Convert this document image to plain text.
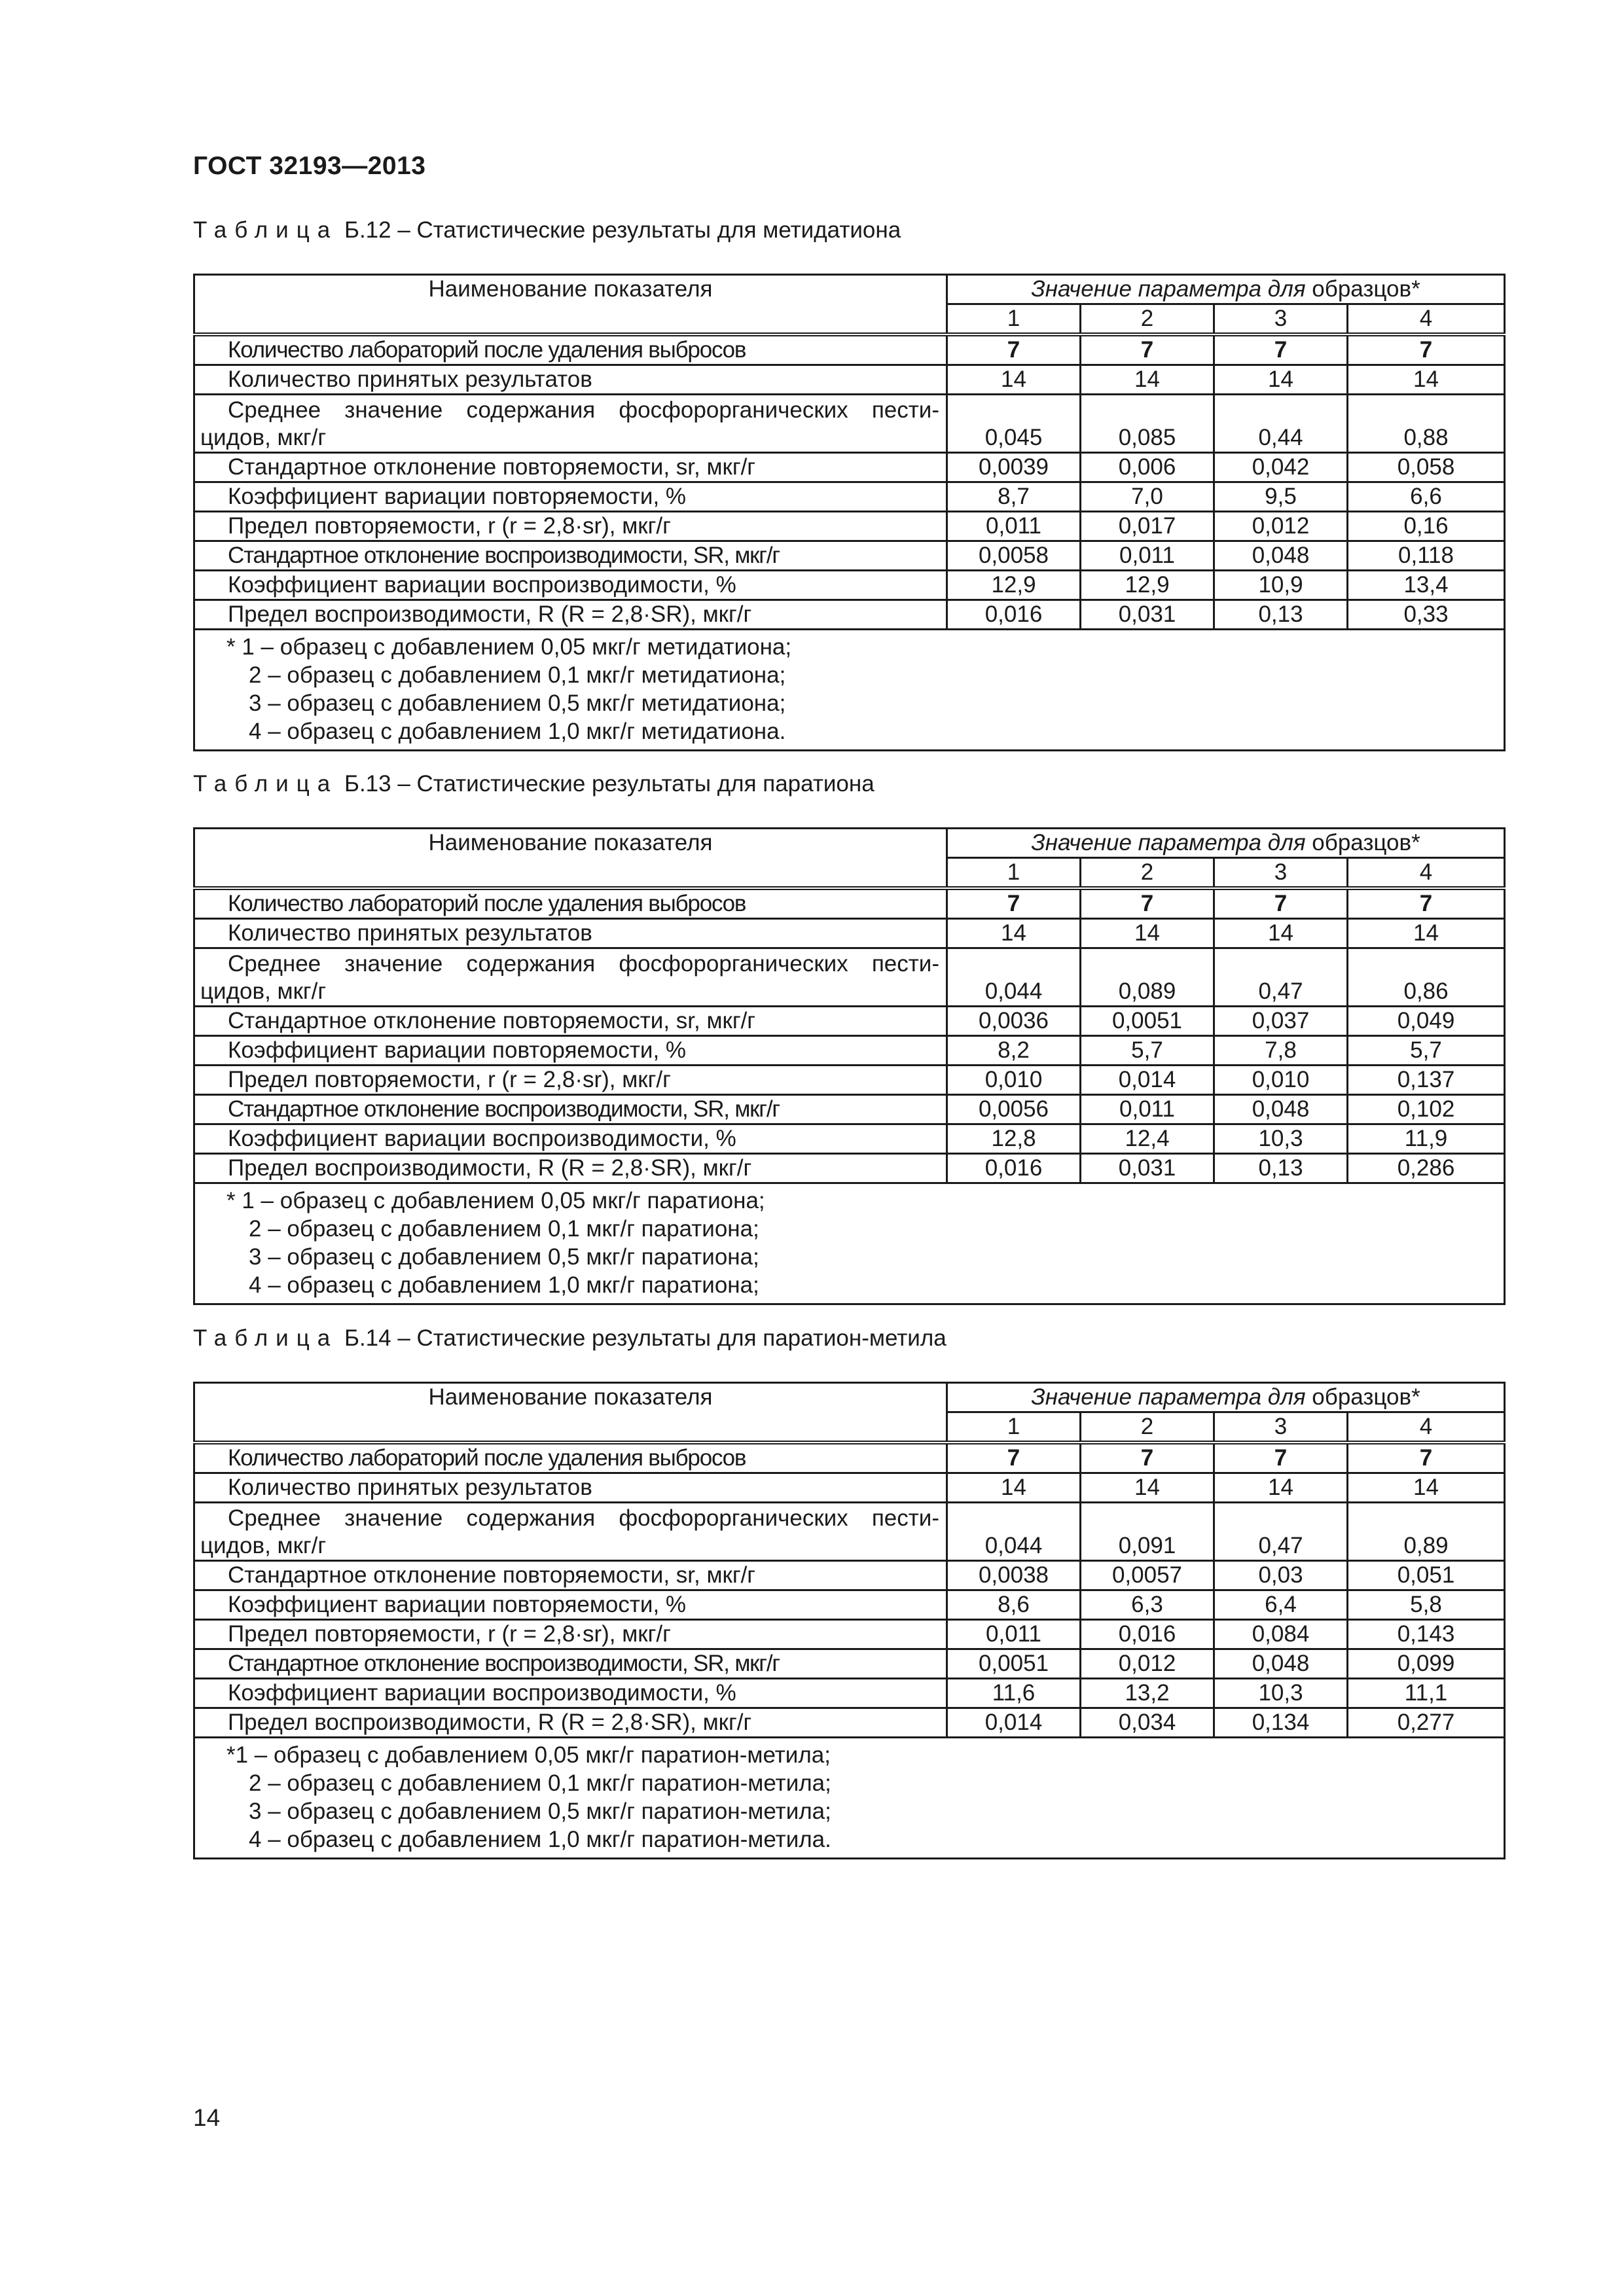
ГОСТ 32193—2013
Таблица Б.12 – Статистические результаты для метидатиона
Наименование показателя	Значение параметра для образцов*			
	1	2	3	4
Количество лабораторий после удаления выбросов	7	7	7	7
Количество принятых результатов	14	14	14	14
Среднее значение содержания фосфорорганических пести-цидов, мкг/г	0,045	0,085	0,44	0,88
Стандартное отклонение повторяемости, sr, мкг/г	0,0039	0,006	0,042	0,058
Коэффициент вариации повторяемости, %	8,7	7,0	9,5	6,6
Предел повторяемости, r (r = 2,8·sr), мкг/г	0,011	0,017	0,012	0,16
Стандартное отклонение воспроизводимости, SR, мкг/г	0,0058	0,011	0,048	0,118
Коэффициент вариации воспроизводимости, %	12,9	12,9	10,9	13,4
Предел воспроизводимости, R (R = 2,8·SR), мкг/г	0,016	0,031	0,13	0,33

* 1 – образец с добавлением 0,05 мкг/г метидатиона;
2 – образец с добавлением 0,1 мкг/г метидатиона;
3 – образец с добавлением 0,5 мкг/г метидатиона;
4 – образец с добавлением 1,0 мкг/г метидатиона.				
Таблица Б.13 – Статистические результаты для паратиона
Наименование показателя	Значение параметра для образцов*			
	1	2	3	4
Количество лабораторий после удаления выбросов	7	7	7	7
Количество принятых результатов	14	14	14	14
Среднее значение содержания фосфорорганических пести-цидов, мкг/г	0,044	0,089	0,47	0,86
Стандартное отклонение повторяемости, sr, мкг/г	0,0036	0,0051	0,037	0,049
Коэффициент вариации повторяемости, %	8,2	5,7	7,8	5,7
Предел повторяемости, r (r = 2,8·sr), мкг/г	0,010	0,014	0,010	0,137
Стандартное отклонение воспроизводимости, SR, мкг/г	0,0056	0,011	0,048	0,102
Коэффициент вариации воспроизводимости, %	12,8	12,4	10,3	11,9
Предел воспроизводимости, R (R = 2,8·SR), мкг/г	0,016	0,031	0,13	0,286

* 1 – образец с добавлением 0,05 мкг/г паратиона;
2 – образец с добавлением 0,1 мкг/г паратиона;
3 – образец с добавлением 0,5 мкг/г паратиона;
4 – образец с добавлением 1,0 мкг/г паратиона;				
Таблица Б.14 – Статистические результаты для паратион-метила
Наименование показателя	Значение параметра для образцов*			
	1	2	3	4
Количество лабораторий после удаления выбросов	7	7	7	7
Количество принятых результатов	14	14	14	14
Среднее значение содержания фосфорорганических пести-цидов, мкг/г	0,044	0,091	0,47	0,89
Стандартное отклонение повторяемости, sr, мкг/г	0,0038	0,0057	0,03	0,051
Коэффициент вариации повторяемости, %	8,6	6,3	6,4	5,8
Предел повторяемости, r (r = 2,8·sr), мкг/г	0,011	0,016	0,084	0,143
Стандартное отклонение воспроизводимости, SR, мкг/г	0,0051	0,012	0,048	0,099
Коэффициент вариации воспроизводимости, %	11,6	13,2	10,3	11,1
Предел воспроизводимости, R (R = 2,8·SR), мкг/г	0,014	0,034	0,134	0,277

*1 – образец с добавлением 0,05 мкг/г паратион-метила;
2 – образец с добавлением 0,1 мкг/г паратион-метила;
3 – образец с добавлением 0,5 мкг/г паратион-метила;
4 – образец с добавлением 1,0 мкг/г паратион-метила.				
14
